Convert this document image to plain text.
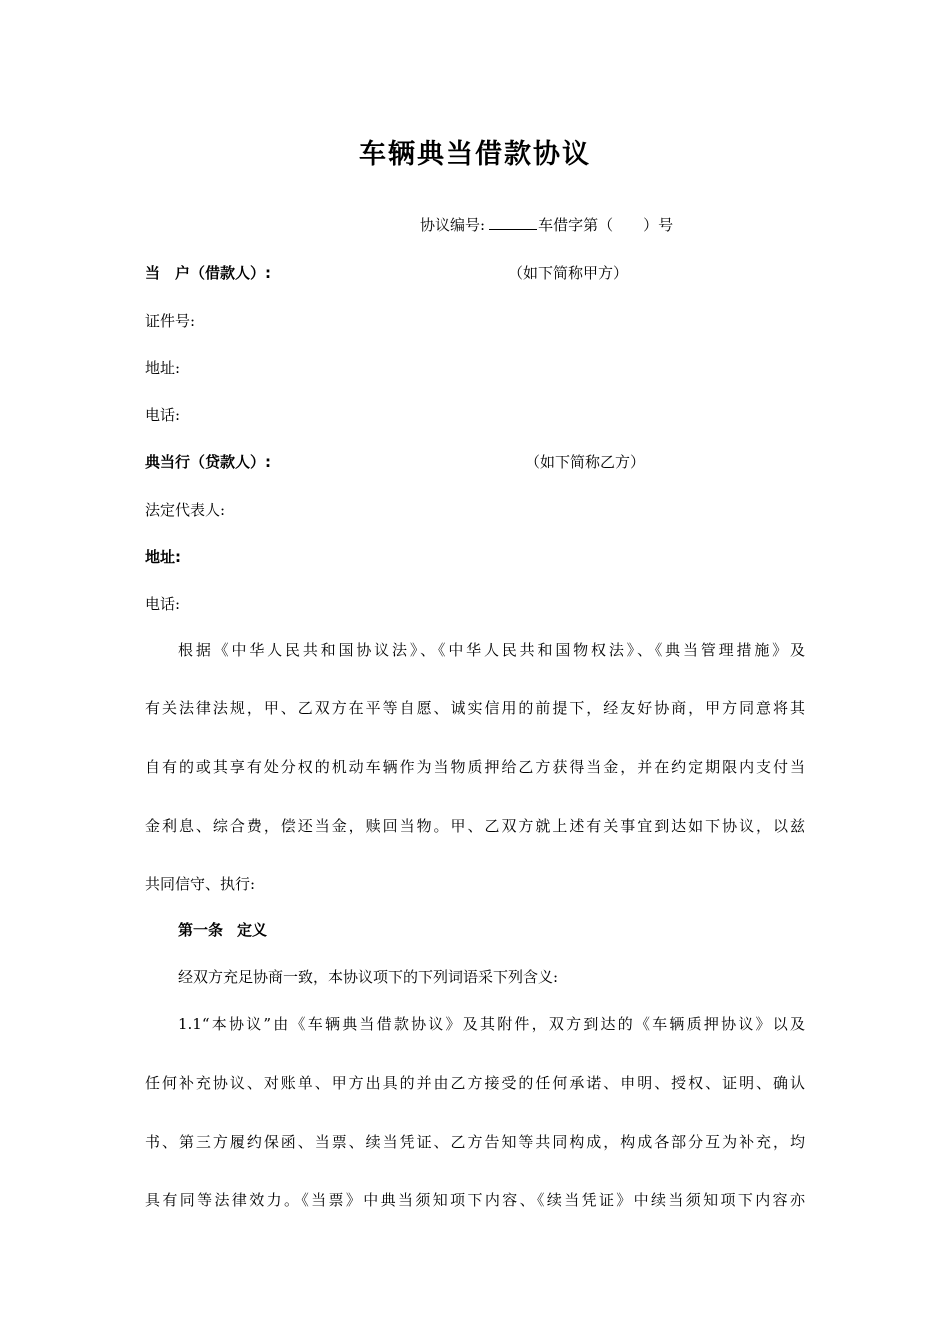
车辆典当借款协议
协议编号:	车借字第（　　）号
当　户（借款人）:	（如下简称甲方）
证件号:
地址:
电话:
典当行（贷款人）:	（如下简称乙方）
法定代表人:
地址:
电话:
根据《中华人民共和国协议法》、《中华人民共和国物权法》、《典当管理措施》及
有关法律法规，甲、乙双方在平等自愿、诚实信用的前提下，经友好协商，甲方同意将其
自有的或其享有处分权的机动车辆作为当物质押给乙方获得当金，并在约定期限内支付当
金利息、综合费，偿还当金，赎回当物。甲、乙双方就上述有关事宜到达如下协议，以兹
共同信守、执行:
第一条 定义
经双方充足协商一致，本协议项下的下列词语采下列含义:
1.1“本协议”由《车辆典当借款协议》及其附件，双方到达的《车辆质押协议》以及
任何补充协议、对账单、甲方出具的并由乙方接受的任何承诺、申明、授权、证明、确认
书、第三方履约保函、当票、续当凭证、乙方告知等共同构成，构成各部分互为补充，均
具有同等法律效力。《当票》中典当须知项下内容、《续当凭证》中续当须知项下内容亦
